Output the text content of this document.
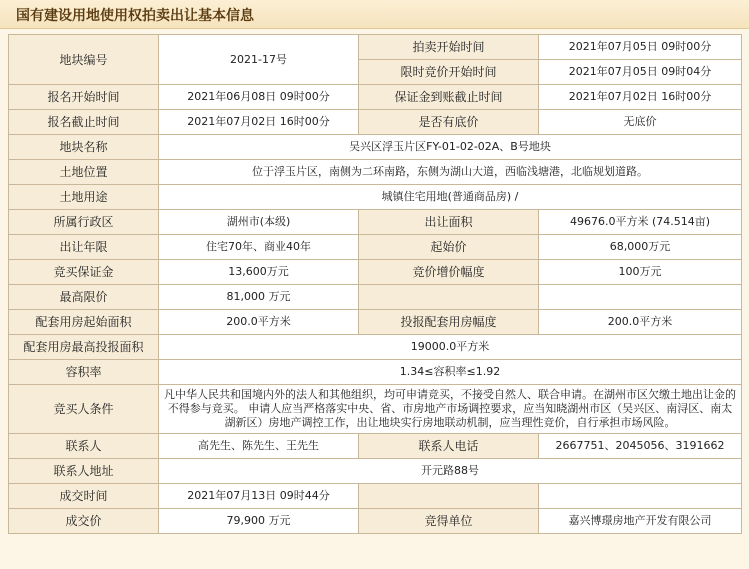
国有建设用地使用权拍卖出让基本信息
地块编号	2021-17号	拍卖开始时间	2021年07月05日 09时00分
		限时竞价开始时间	2021年07月05日 09时04分
报名开始时间	2021年06月08日 09时00分	保证金到账截止时间	2021年07月02日 16时00分
报名截止时间	2021年07月02日 16时00分	是否有底价	无底价
地块名称	吴兴区浮玉片区FY-01-02-02A、B号地块		
土地位置	位于浮玉片区，南侧为二环南路，东侧为湖山大道，西临浅塘港，北临规划道路。		
土地用途	城镇住宅用地(普通商品房) /		
所属行政区	湖州市(本级)	出让面积	49676.0平方米 (74.514亩)
出让年限	住宅70年、商业40年	起始价	68,000万元
竞买保证金	13,600万元	竞价增价幅度	100万元
最高限价	81,000 万元		
配套用房起始面积	200.0平方米	投报配套用房幅度	200.0平方米
配套用房最高投报面积	19000.0平方米		
容积率	1.34≤容积率≤1.92		
竞买人条件	凡中华人民共和国境内外的法人和其他组织，均可申请竞买，不接受自然人、联合申请。在湖州市区欠缴土地出让金的不得参与竞买。 申请人应当严格落实中央、省、市房地产市场调控要求，应当知晓湖州市区（吴兴区、南浔区、南太湖新区）房地产调控工作，出让地块实行房地联动机制，应当理性竞价，自行承担市场风险。		
联系人	高先生、陈先生、王先生	联系人电话	2667751、2045056、3191662
联系人地址	开元路88号		
成交时间	2021年07月13日 09时44分		
成交价	79,900 万元	竞得单位	嘉兴博璟房地产开发有限公司
